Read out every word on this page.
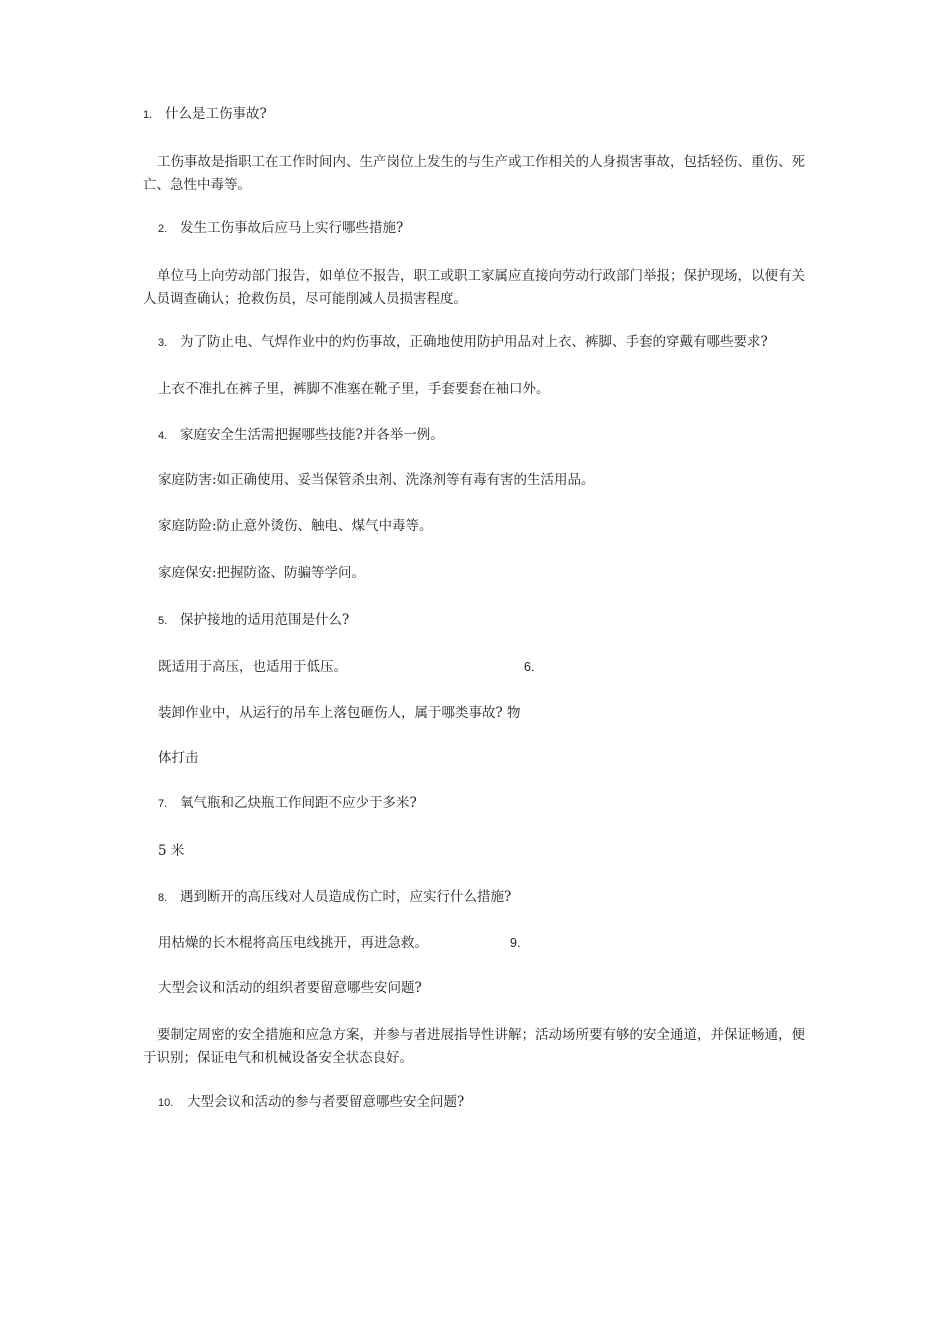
1. 什么是工伤事故?
工伤事故是指职工在工作时间内、生产岗位上发生的与生产或工作相关的人身损害事故，包括轻伤、重伤、死亡、急性中毒等。
2. 发生工伤事故后应马上实行哪些措施?
单位马上向劳动部门报告，如单位不报告，职工或职工家属应直接向劳动行政部门举报；保护现场，以便有关人员调查确认；抢救伤员，尽可能削减人员损害程度。
3. 为了防止电、气焊作业中的灼伤事故，正确地使用防护用品对上衣、裤脚、手套的穿戴有哪些要求?
上衣不准扎在裤子里，裤脚不准塞在靴子里，手套要套在袖口外。
4. 家庭安全生活需把握哪些技能?并各举一例。
家庭防害:如正确使用、妥当保管杀虫剂、洗涤剂等有毒有害的生活用品。
家庭防险:防止意外烫伤、触电、煤气中毒等。
家庭保安:把握防盗、防骗等学问。
5. 保护接地的适用范围是什么?
既适用于高压，也适用于低压。	6.
装卸作业中，从运行的吊车上落包砸伤人，属于哪类事故? 物
体打击
7. 氧气瓶和乙炔瓶工作间距不应少于多米?
5 米
8. 遇到断开的高压线对人员造成伤亡时，应实行什么措施?
用枯燥的长木棍将高压电线挑开，再进急救。	9.
大型会议和活动的组织者要留意哪些安问题?
要制定周密的安全措施和应急方案，并参与者进展指导性讲解；活动场所要有够的安全通道，并保证畅通，便于识别；保证电气和机械设备安全状态良好。
10. 大型会议和活动的参与者要留意哪些安全问题?
